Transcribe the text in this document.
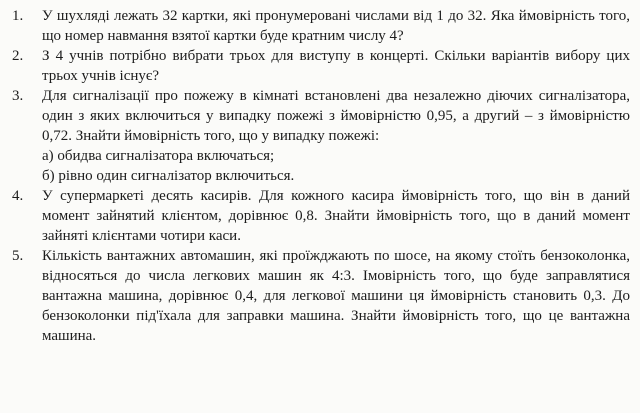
1.	У шухляді лежать 32 картки, які пронумеровані числами від 1 до 32. Яка ймовірність того, що номер навмання взятої картки буде кратним числу 4?
2.	З 4 учнів потрібно вибрати трьох для виступу в концерті. Скільки варіантів вибору цих трьох учнів існує?
3.	Для сигналізації про пожежу в кімнаті встановлені два незалежно діючих сигналізатора, один з яких включиться у випадку пожежі з ймовірністю 0,95, а другий – з ймовірністю 0,72. Знайти ймовірність того, що у випадку пожежі:
а) обидва сигналізатора включаться;
б) рівно один сигналізатор включиться.
4.	У супермаркеті десять касирів. Для кожного касира ймовірність того, що він в даний момент зайнятий клієнтом, дорівнює 0,8. Знайти ймовірність того, що в даний момент зайняті клієнтами чотири каси.
5.	Кількість вантажних автомашин, які проїжджають по шосе, на якому стоїть бензоколонка, відносяться до числа легкових машин як 4:3. Імовірність того, що буде заправлятися вантажна машина, дорівнює 0,4, для легкової машини ця ймовірність становить 0,3. До бензоколонки під'їхала для заправки машина. Знайти ймовірність того, що це вантажна машина.
